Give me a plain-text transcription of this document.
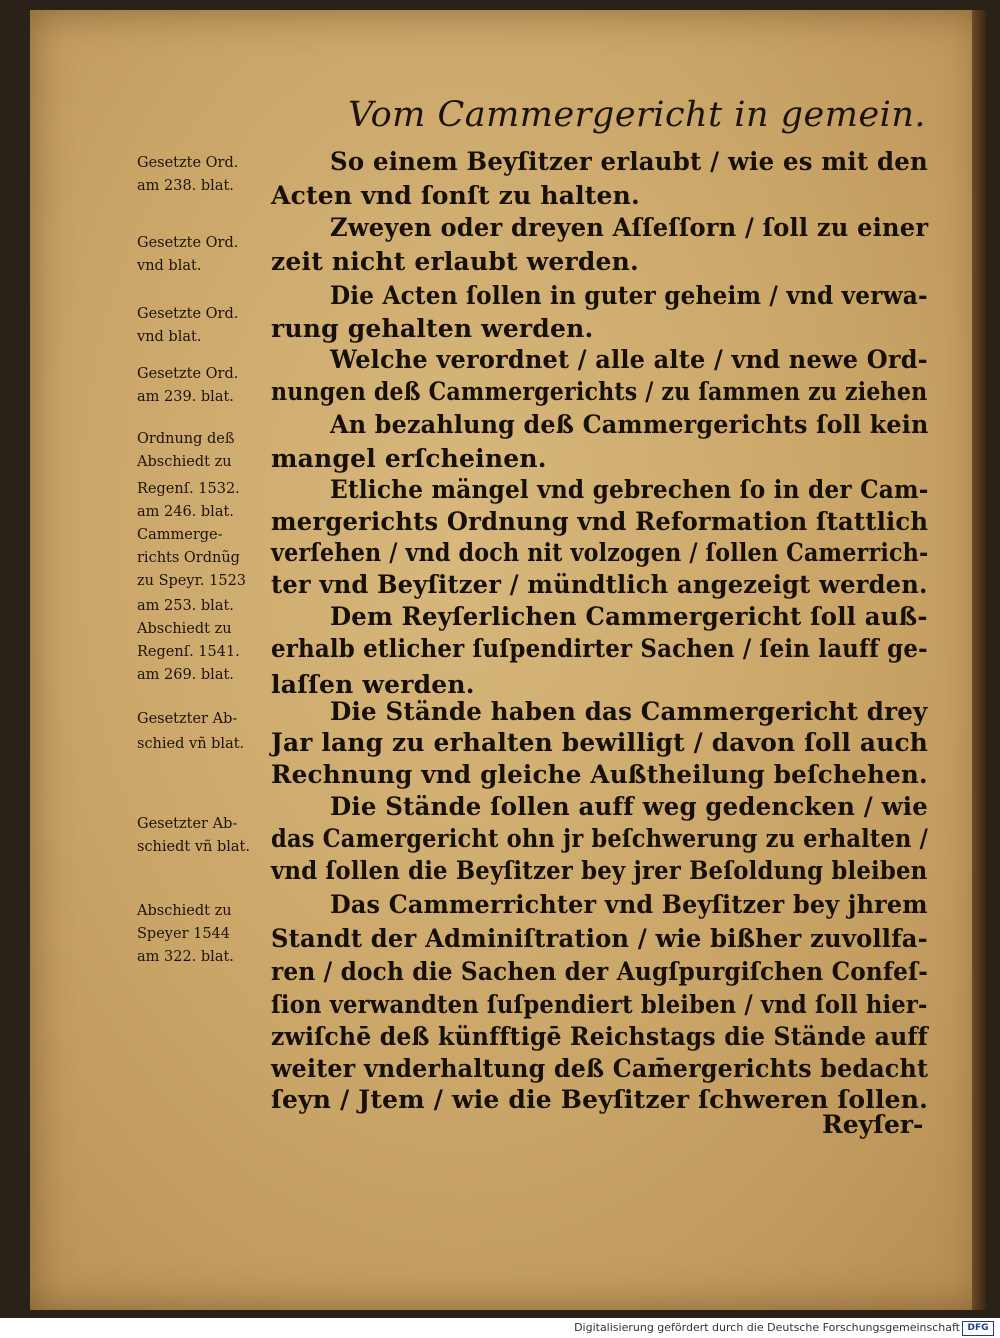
Vom Cammergericht in gemein.
Gesetzte Ord.
am 238. blat.
Gesetzte Ord.
vnd blat.
Gesetzte Ord.
vnd blat.
Gesetzte Ord.
am 239. blat.
Ordnung deß
Abschiedt zu
Regenſ. 1532.
am 246. blat.
Cammerge-
richts Ordnũg
zu Speyr. 1523
am 253. blat.
Abschiedt zu
Regenſ. 1541.
am 269. blat.
Gesetzter Ab-
schied vñ blat.
Gesetzter Ab-
schiedt vñ blat.
Abschiedt zu
Speyer 1544
am 322. blat.
So einem Beyſitzer erlaubt / wie es mit den
Acten vnd ſonſt zu halten.
Zweyen oder dreyen Aſſeſſorn / ſoll zu einer
zeit nicht erlaubt werden.
Die Acten ſollen in guter geheim / vnd verwa-
rung gehalten werden.
Welche verordnet / alle alte / vnd newe Ord-
nungen deß Cammergerichts / zu ſammen zu ziehen
An bezahlung deß Cammergerichts ſoll kein
mangel erſcheinen.
Etliche mängel vnd gebrechen ſo in der Cam-
mergerichts Ordnung vnd Reformation ſtattlich
verſehen / vnd doch nit volzogen / ſollen Camerrich-
ter vnd Beyſitzer / mündtlich angezeigt werden.
Dem Reyſerlichen Cammergericht ſoll auß-
erhalb etlicher ſuſpendirter Sachen / ſein lauff ge-
laſſen werden.
Die Stände haben das Cammergericht drey
Jar lang zu erhalten bewilligt / davon ſoll auch
Rechnung vnd gleiche Außtheilung beſchehen.
Die Stände ſollen auff weg gedencken / wie
das Camergericht ohn jr beſchwerung zu erhalten /
vnd ſollen die Beyſitzer bey jrer Beſoldung bleiben
Das Cammerrichter vnd Beyſitzer bey jhrem
Standt der Adminiſtration / wie bißher zuvollfa-
ren / doch die Sachen der Augſpurgiſchen Confeſ-
ſion verwandten ſuſpendiert bleiben / vnd ſoll hier-
zwiſchē deß künfftigē Reichstags die Stände auff
weiter vnderhaltung deß Cam̄ergerichts bedacht
ſeyn / Jtem / wie die Beyſitzer ſchweren ſollen.
Reyſer-
Digitalisierung gefördert durch die Deutsche Forschungsgemeinschaft DFG
